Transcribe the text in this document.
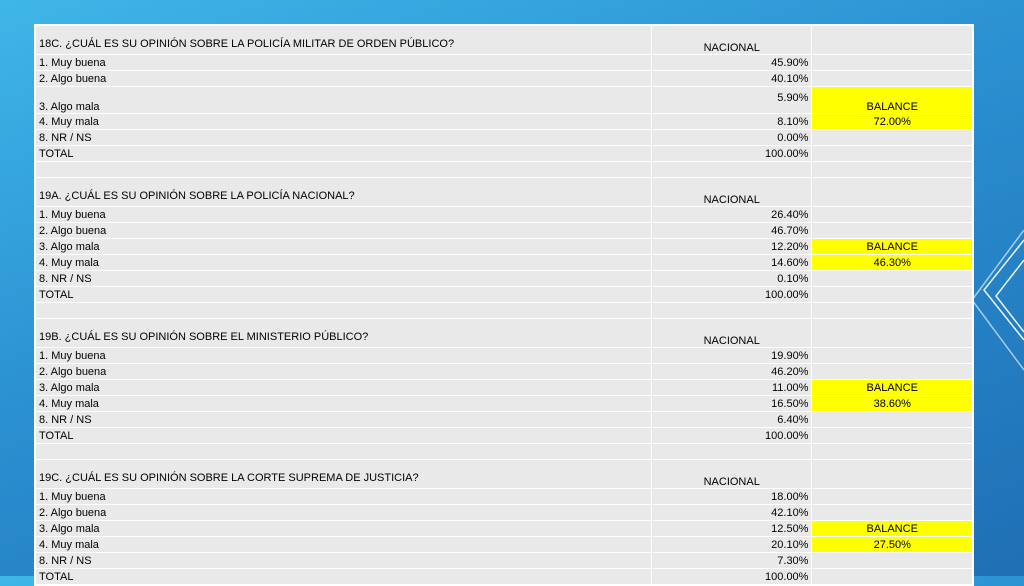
18C. ¿CUÁL ES SU OPINIÓN SOBRE LA POLICÍA MILITAR DE ORDEN PÚBLICO?	NACIONAL	
1. Muy buena	45.90%	
2. Algo buena	40.10%	
3. Algo mala	5.90%	BALANCE
4. Muy mala	8.10%	72.00%
8. NR / NS	0.00%	
TOTAL	100.00%	

19A. ¿CUÁL ES SU OPINIÓN SOBRE LA POLICÍA NACIONAL?	NACIONAL	
1. Muy buena	26.40%	
2. Algo buena	46.70%	
3. Algo mala	12.20%	BALANCE
4. Muy mala	14.60%	46.30%
8. NR / NS	0.10%	
TOTAL	100.00%	

19B. ¿CUÁL ES SU OPINIÓN SOBRE EL MINISTERIO PÚBLICO?	NACIONAL	
1. Muy buena	19.90%	
2. Algo buena	46.20%	
3. Algo mala	11.00%	BALANCE
4. Muy mala	16.50%	38.60%
8. NR / NS	6.40%	
TOTAL	100.00%	

19C. ¿CUÁL ES SU OPINIÓN SOBRE LA CORTE SUPREMA DE JUSTICIA?	NACIONAL	
1. Muy buena	18.00%	
2. Algo buena	42.10%	
3. Algo mala	12.50%	BALANCE
4. Muy mala	20.10%	27.50%
8. NR / NS	7.30%	
TOTAL	100.00%	
